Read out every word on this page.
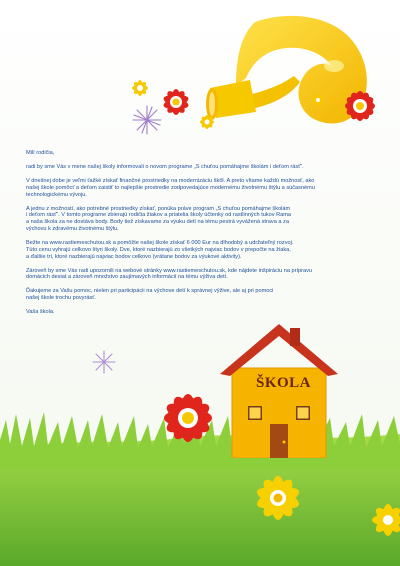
ŠKOLA

Milí rodičia,

radi by sme Vás v mene našej školy informovali o novom programe „S chuťou pomáhajme školám i deťom rásť“.

V dnešnej dobe je veľmi ťažké získať finančné prostriedky na modernizáciu škôl. A preto vítame každú možnosť, ako
našej škole pomôcť a deťom zaistiť to najlepšie prostredie zodpovedajúce modernému životnému štýlu a súčasnému
technologickému vývoju.

A jednu z možností, ako potrebné prostriedky získať, ponúka práve program „S chuťou pomáhajme školám
i deťom rásť“. V tomto programe zbierajú rodičia žiakov a priatelia školy účtenky od rastlinných tukov Rama
a naša škola za ne dostáva body. Body tiež získavame za výuku detí na tému pestrá vyvážená strava a za
výchovu k zdravému životnému štýlu.

Bežte na www.rastiemeschutou.sk a pomôžte našej škole získať 6 000 Eur na dlhodobý a udržateľný rozvoj.
Túto cenu vyhrajú celkovo štyri školy. Dve, ktoré nazbierajú zo všetkých najviac bodov v prepočte na žiaka,
a ďalšie tri, ktoré nazbierajú najviac bodov celkovo (vrátane bodov za výukové aktivity).

Zároveň by sme Vás radi upozornili na webové stránky www.rastiemeschutou.sk, kde nájdete inšpiráciu na prípravu
domácich desiat a zároveň množstvo zaujímavých informácií na tému výživa detí.

Ďakujeme za Vašu pomoc, nielen pri participácii na výchove detí k správnej výžive, ale aj pri pomoci
našej škole trochu povyrásť.

Vaša škola.
